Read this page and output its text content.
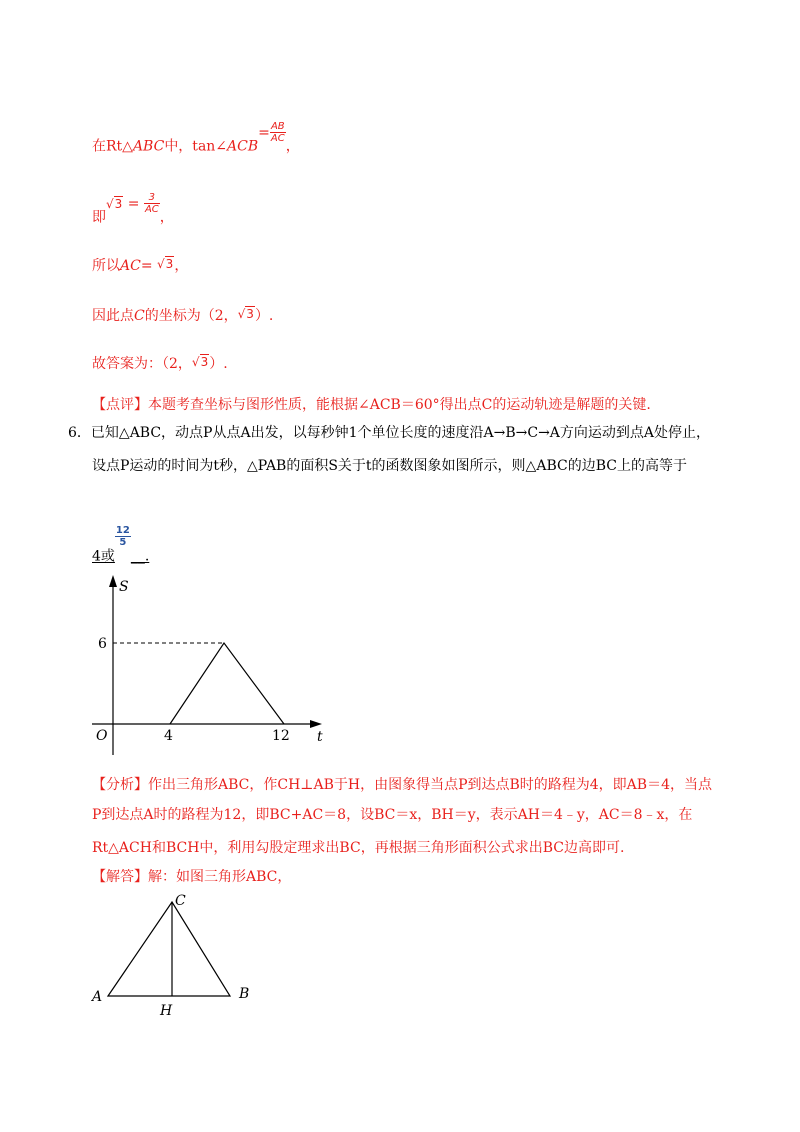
在Rt△ABC中，tan∠ACB= $\frac{AB}{AC}$
，
即$√3 = \frac{3}{AC}$
，
所以AC= √3，
因此点C的坐标为（2，√3）.
故答案为：（2，√3）.
【点评】本题考查坐标与图形性质，能根据∠ACB＝60°得出点C的运动轨迹是解题的关键.
6．已知△ABC，动点P从点A出发，以每秒钟1个单位长度的速度沿A→B→C→A方向运动到点A处停止，
设点P运动的时间为t秒，△PAB的面积S关于t的函数图象如图所示，则△ABC的边BC上的高等于
4或
$\frac{12}{5}$
__.
S
t
O
6
4	12
A	B
C
H
【分析】作出三角形ABC，作CH⊥AB于H，由图象得当点P到达点B时的路程为4，即AB＝4，当点
P到达点A时的路程为12，即BC+AC＝8，设BC＝x，BH＝y，表示AH＝4﹣y，AC＝8﹣x，在
Rt△ACH和BCH中，利用勾股定理求出BC，再根据三角形面积公式求出BC边高即可.
【解答】解：如图三角形ABC，
